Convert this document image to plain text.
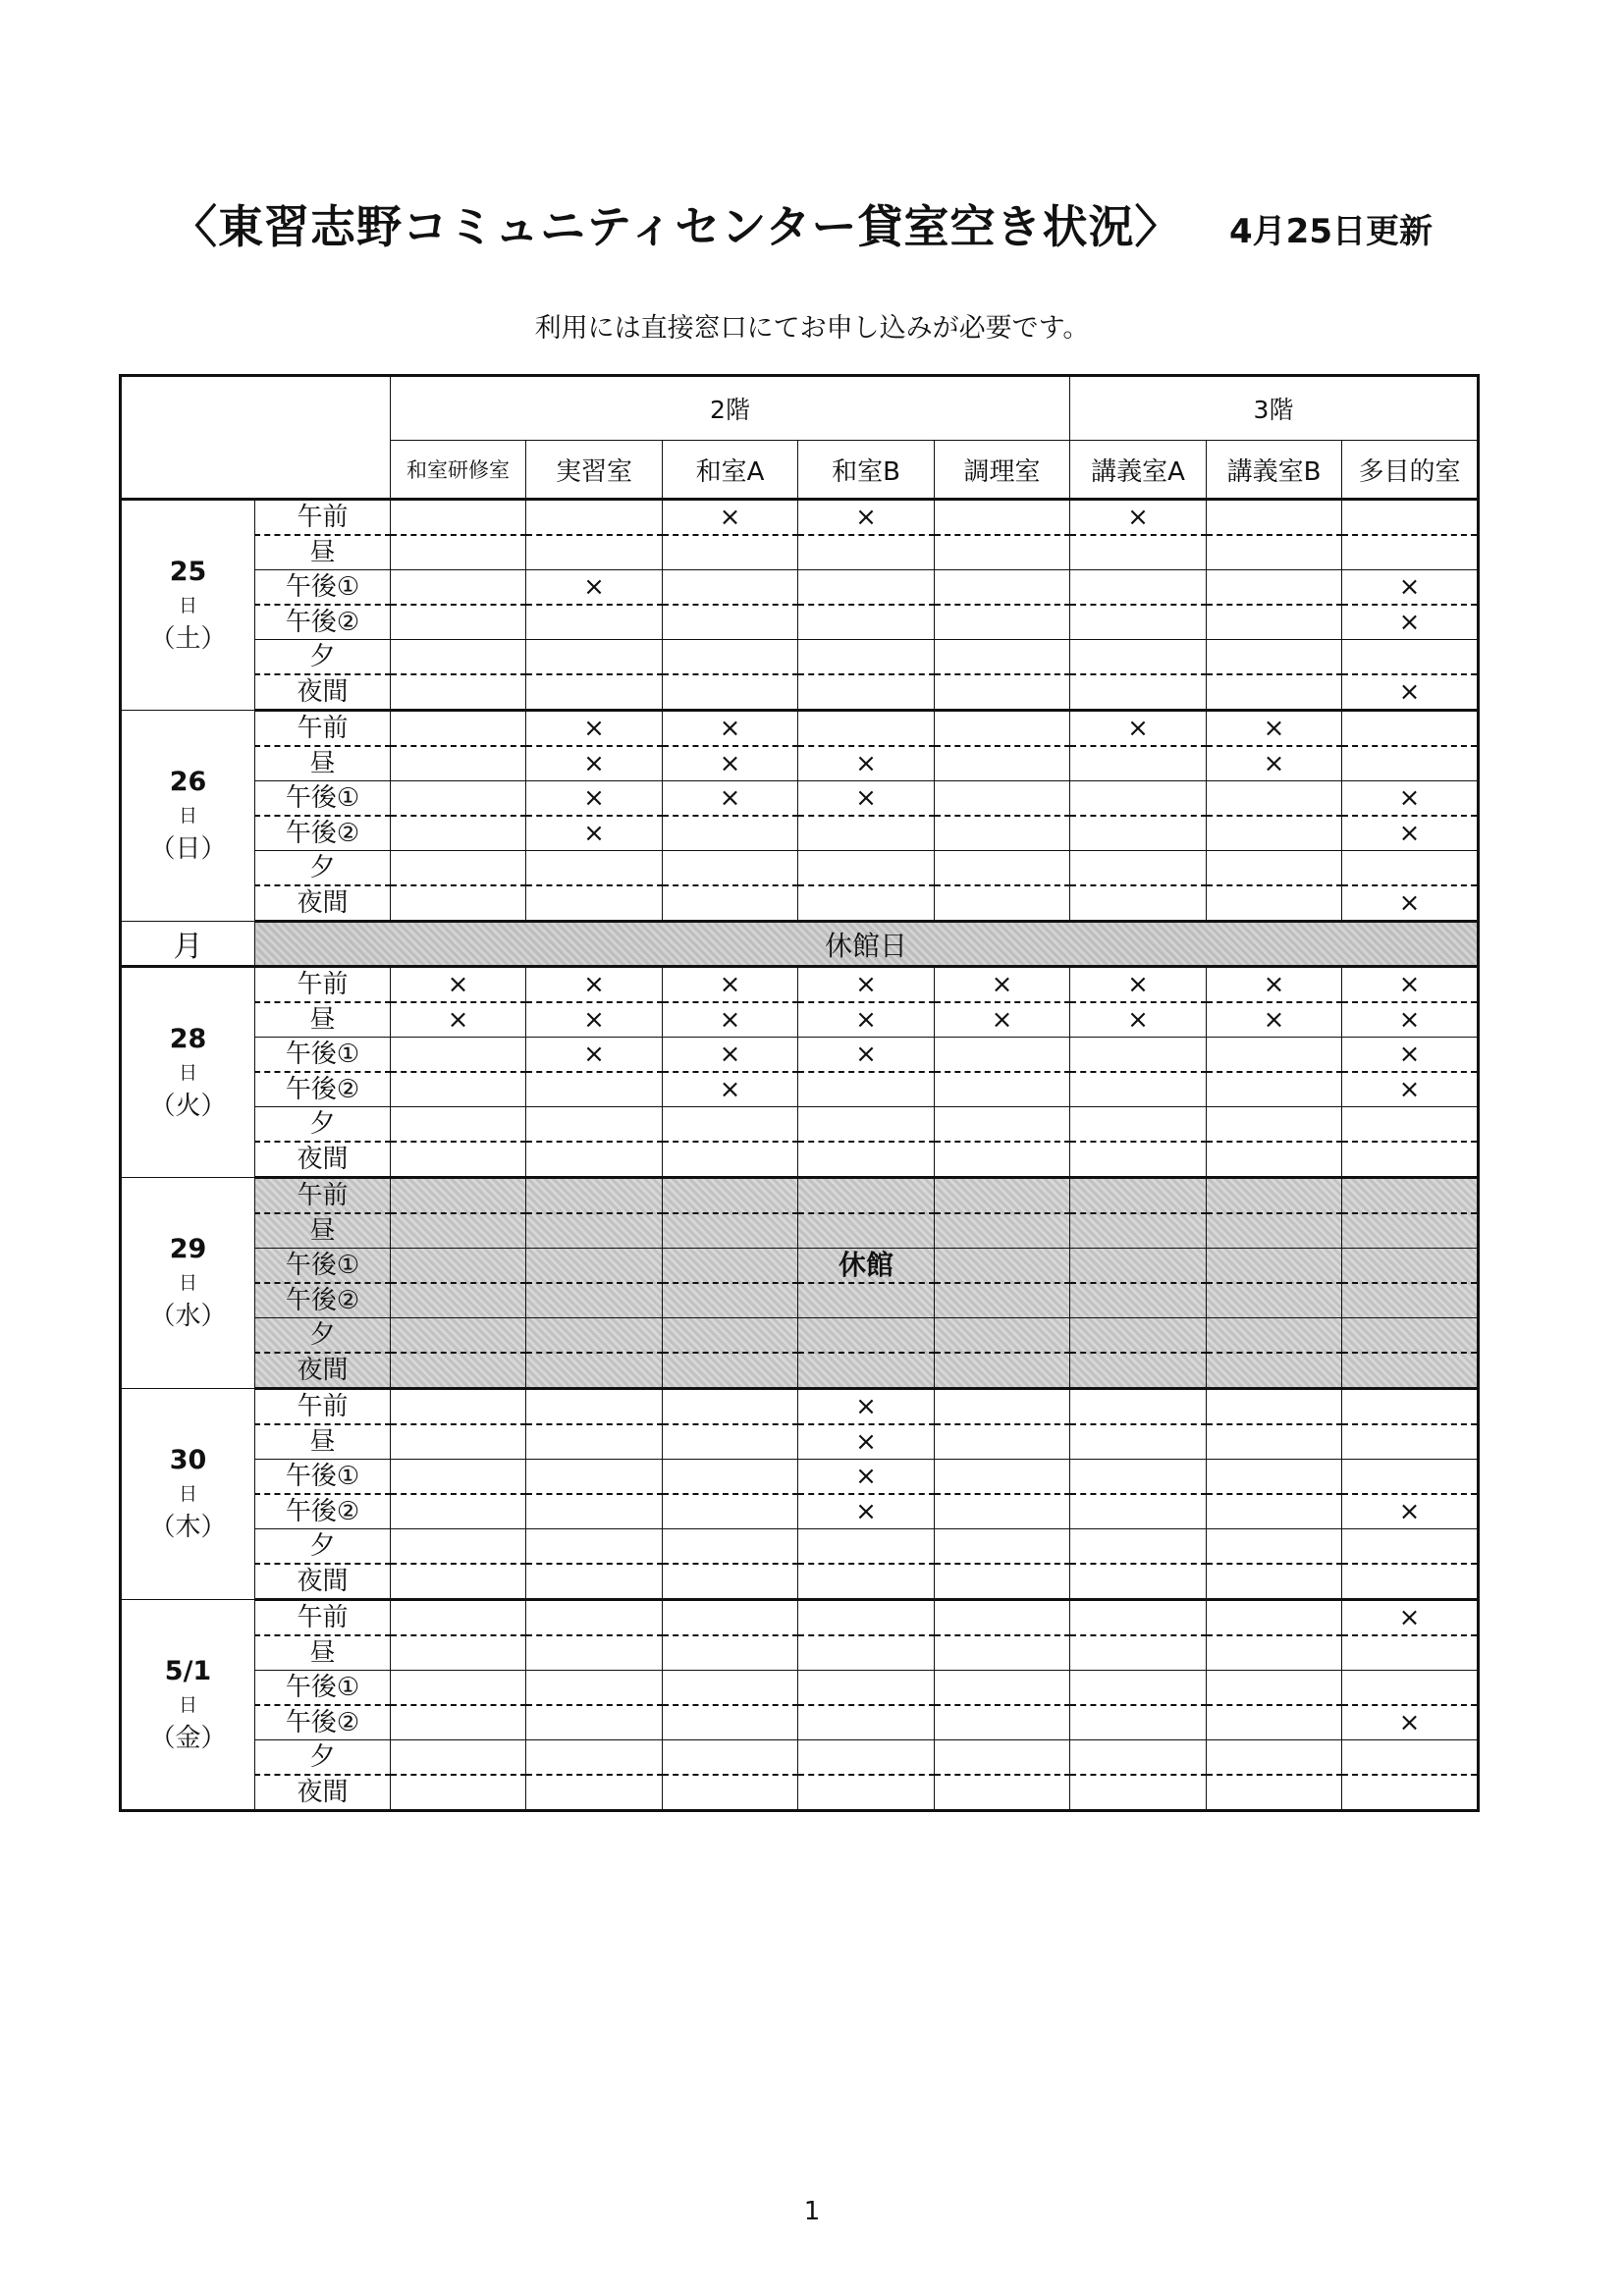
〈東習志野コミュニティセンター貸室空き状況〉 4月25日更新
利用には直接窓口にてお申し込みが必要です。
		2階					3階		
		和室研修室	実習室	和室A	和室B	調理室	講義室A	講義室B	多目的室
25
日
（土）	午前			×	×		×		
	昼								
	午後①		×						×
	午後②								×
	夕								
	夜間								×
26
日
（日）	午前		×	×			×	×	
	昼		×	×	×			×	
	午後①		×	×	×				×
	午後②		×						×
	夕								
	夜間								×
月	休館日								
28
日
（火）	午前	×	×	×	×	×	×	×	×
	昼	×	×	×	×	×	×	×	×
	午後①		×	×	×				×
	午後②			×					×
	夕								
	夜間								
29
日
（水）	午前								
	昼								
	午後①				休館				
	午後②								
	夕								
	夜間								
30
日
（木）	午前				×				
	昼				×				
	午後①				×				
	午後②				×				×
	夕								
	夜間								
5/1
日
（金）	午前								×
	昼								
	午後①								
	午後②								×
	夕								
	夜間								
1
